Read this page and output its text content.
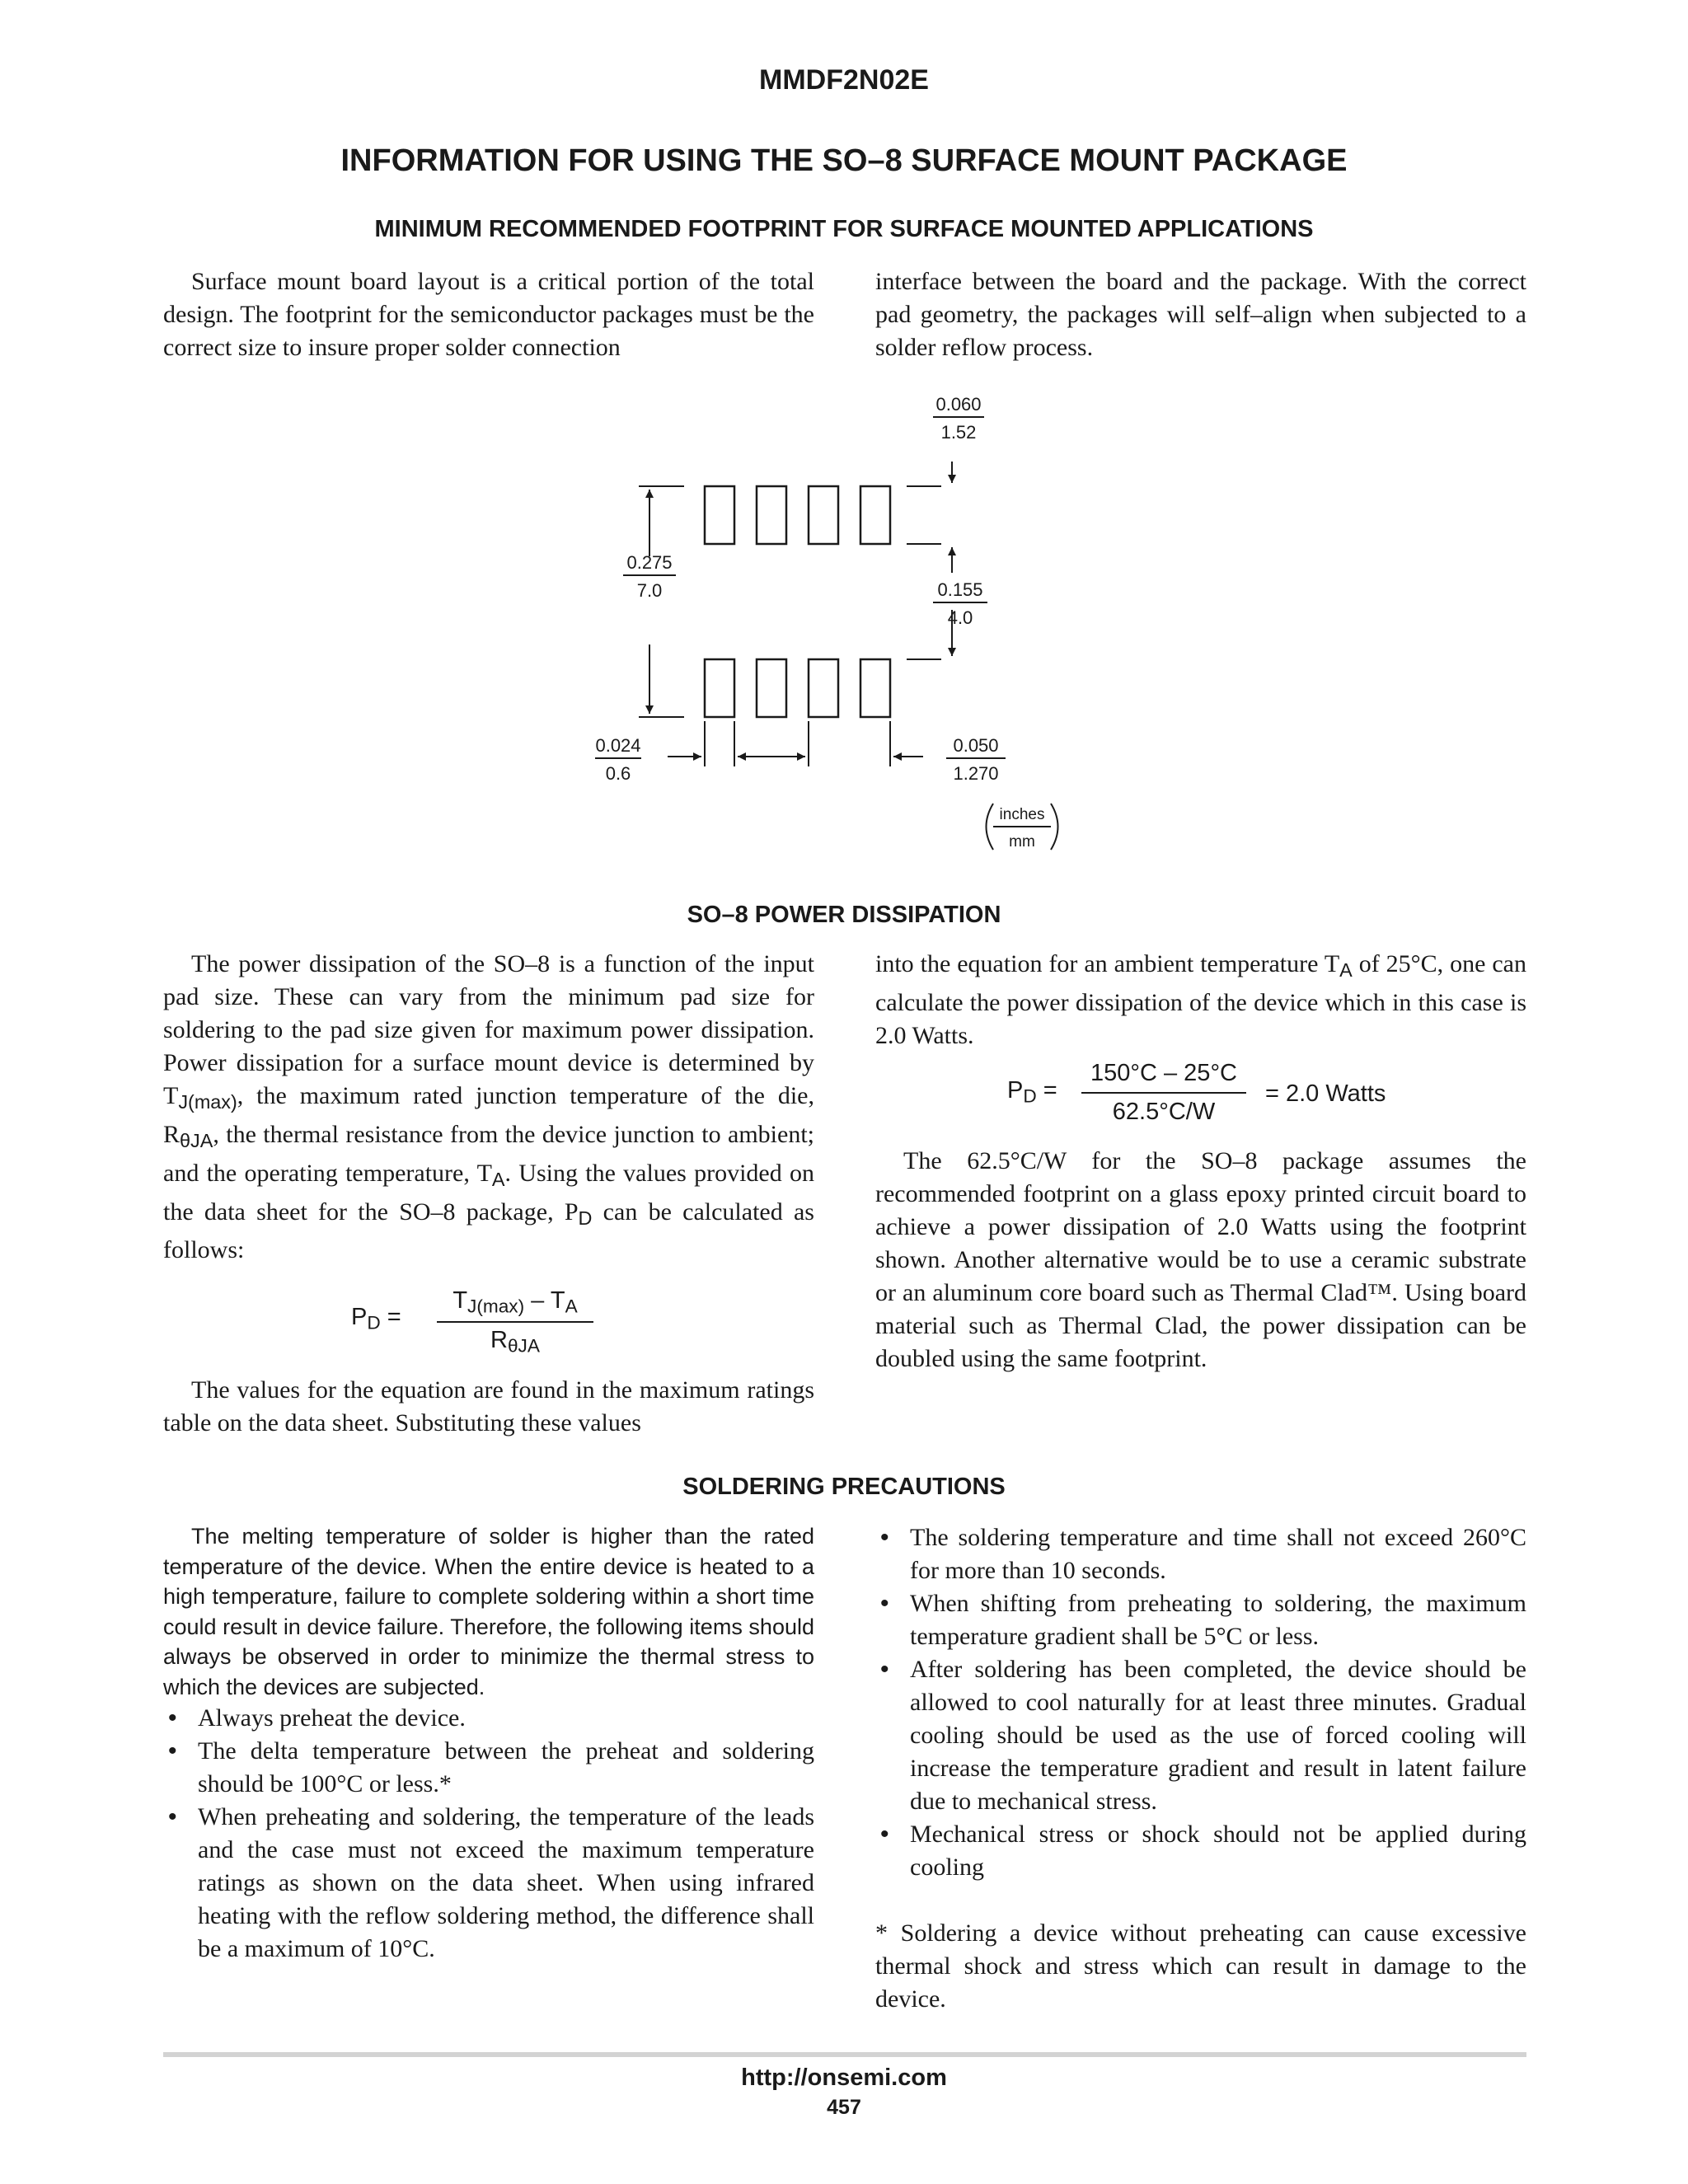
MMDF2N02E
INFORMATION FOR USING THE SO–8 SURFACE MOUNT PACKAGE
MINIMUM RECOMMENDED FOOTPRINT FOR SURFACE MOUNTED APPLICATIONS

Surface mount board layout is a critical portion of the total design. The footprint for the semiconductor packages must be the correct size to insure proper solder connection

interface between the board and the package. With the correct pad geometry, the packages will self–align when subjected to a solder reflow process.

0.060
1.52
0.275
7.0	0.155
4.0
0.024
0.6
0.050
1.270
inches
mm
SO–8 POWER DISSIPATION

The power dissipation of the SO–8 is a function of the input pad size. These can vary from the minimum pad size for soldering to the pad size given for maximum power dissipation. Power dissipation for a surface mount device is determined by $T_{J(max)}$, the maximum rated junction temperature of the die, $R_{\theta JA}$, the thermal resistance from the device junction to ambient; and the operating temperature, $T_A$. Using the values provided on the data sheet for the SO–8 package, $P_D$ can be calculated as follows:

The values for the equation are found in the maximum ratings table on the data sheet. Substituting these values

$P_D$ =
$T_{J(max)} - T_A$
$R_{\theta JA}$

into the equation for an ambient temperature $T_A$ of 25°C, one can calculate the power dissipation of the device which in this case is 2.0 Watts.

The 62.5°C/W for the SO–8 package assumes the recommended footprint on a glass epoxy printed circuit board to achieve a power dissipation of 2.0 Watts using the footprint shown. Another alternative would be to use a ceramic substrate or an aluminum core board such as Thermal Clad™. Using board material such as Thermal Clad, the power dissipation can be doubled using the same footprint.

$P_D$ =
150°C – 25°C
62.5°C/W
= 2.0 Watts
SOLDERING PRECAUTIONS

The melting temperature of solder is higher than the rated temperature of the device. When the entire device is heated to a high temperature, failure to complete soldering within a short time could result in device failure. Therefore, the following items should always be observed in order to minimize the thermal stress to which the devices are subjected.

• Always preheat the device.
• The delta temperature between the preheat and soldering should be 100°C or less.*
• When preheating and soldering, the temperature of the leads and the case must not exceed the maximum temperature ratings as shown on the data sheet. When using infrared heating with the reflow soldering method, the difference shall be a maximum of 10°C.
• The soldering temperature and time shall not exceed 260°C for more than 10 seconds.
• When shifting from preheating to soldering, the maximum temperature gradient shall be 5°C or less.
• After soldering has been completed, the device should be allowed to cool naturally for at least three minutes. Gradual cooling should be used as the use of forced cooling will increase the temperature gradient and result in latent failure due to mechanical stress.
• Mechanical stress or shock should not be applied during cooling

* Soldering a device without preheating can cause excessive thermal shock and stress which can result in damage to the device.

http://onsemi.com
457
